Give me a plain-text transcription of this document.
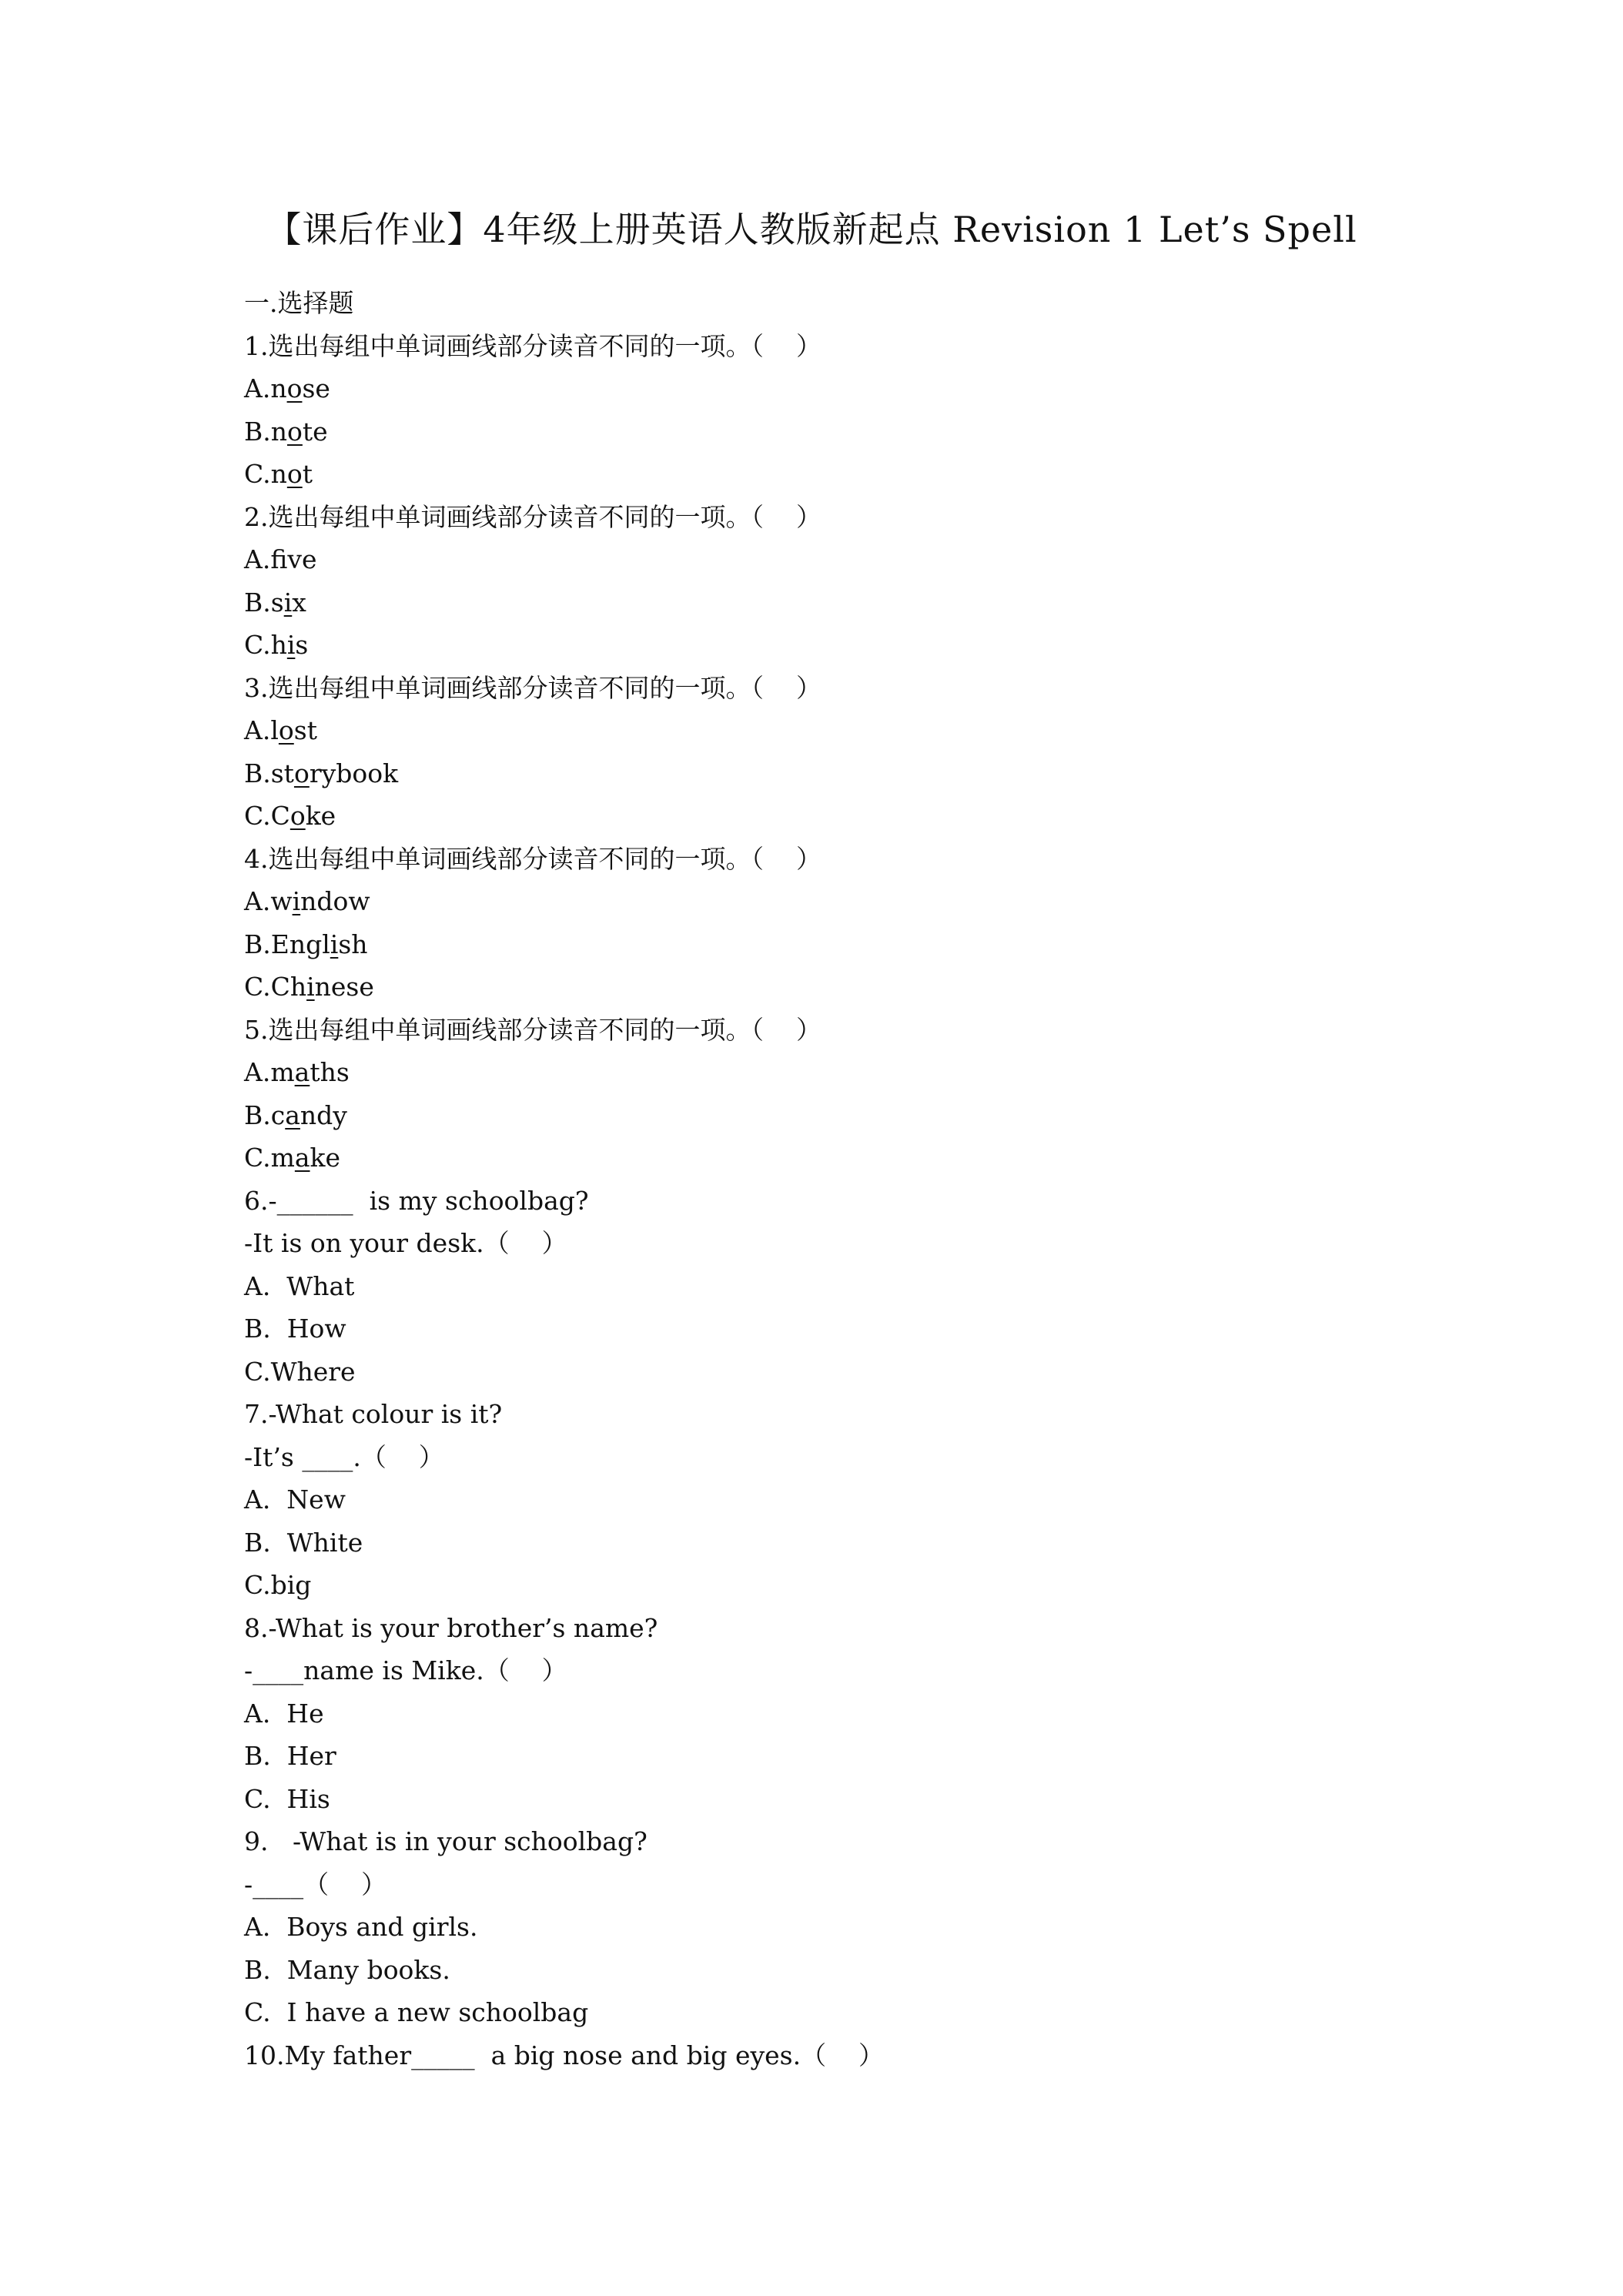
【课后作业】4年级上册英语人教版新起点 Revision 1 Let’s Spell
一.选择题
1.选出每组中单词画线部分读音不同的一项。（    ）
A.nose
B.note
C.not
2.选出每组中单词画线部分读音不同的一项。（    ）
A.fve
B.six
C.his
3.选出每组中单词画线部分读音不同的一项。（    ）
A.lost
B.storybook
C.Coke
4.选出每组中单词画线部分读音不同的一项。（    ）
A.window
B.English
C.Chinese
5.选出每组中单词画线部分读音不同的一项。（    ）
A.maths
B.candy
C.make
6.-______  is my schoolbag?
-It is on your desk.（    ）
A.  What
B.  How
C.Where
7.-What colour is it?
-It’s ____.（    ）
A.  New
B.  White
C.big
8.-What is your brother’s name?
-____name is Mike.（    ）
A.  He
B.  Her
C.  His
9.   -What is in your schoolbag?
-____（    ）
A.  Boys and girls.
B.  Many books.
C.  I have a new schoolbag
10.My father_____  a big nose and big eyes.（    ）
